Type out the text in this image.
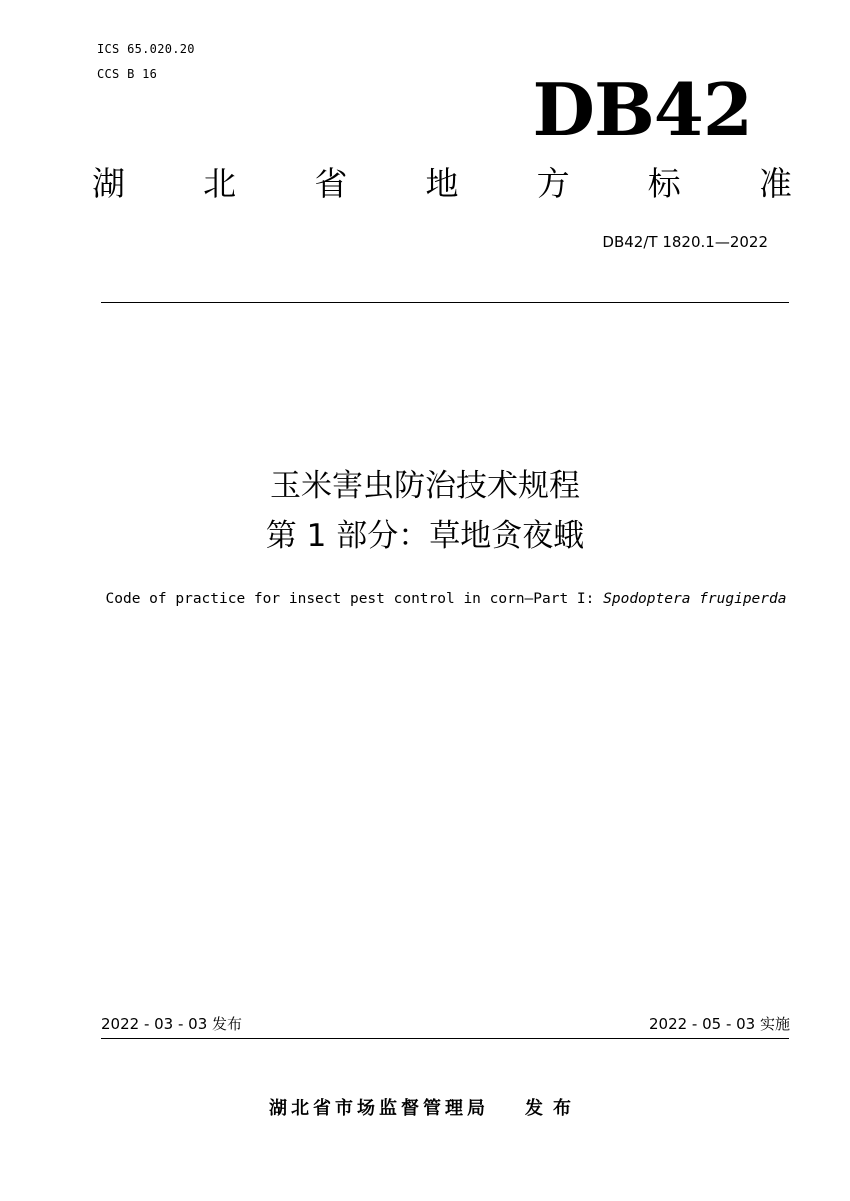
ICS 65.020.20
CCS B 16	DB42
湖 北 省 地 方 标 准
DB42/T 1820.1—2022
玉米害虫防治技术规程
第 1 部分：草地贪夜蛾
Code of practice for insect pest control in corn—Part I: Spodoptera frugiperda
2022 - 03 - 03 发布	2022 - 05 - 03 实施
湖北省市场监督管理局 发布
